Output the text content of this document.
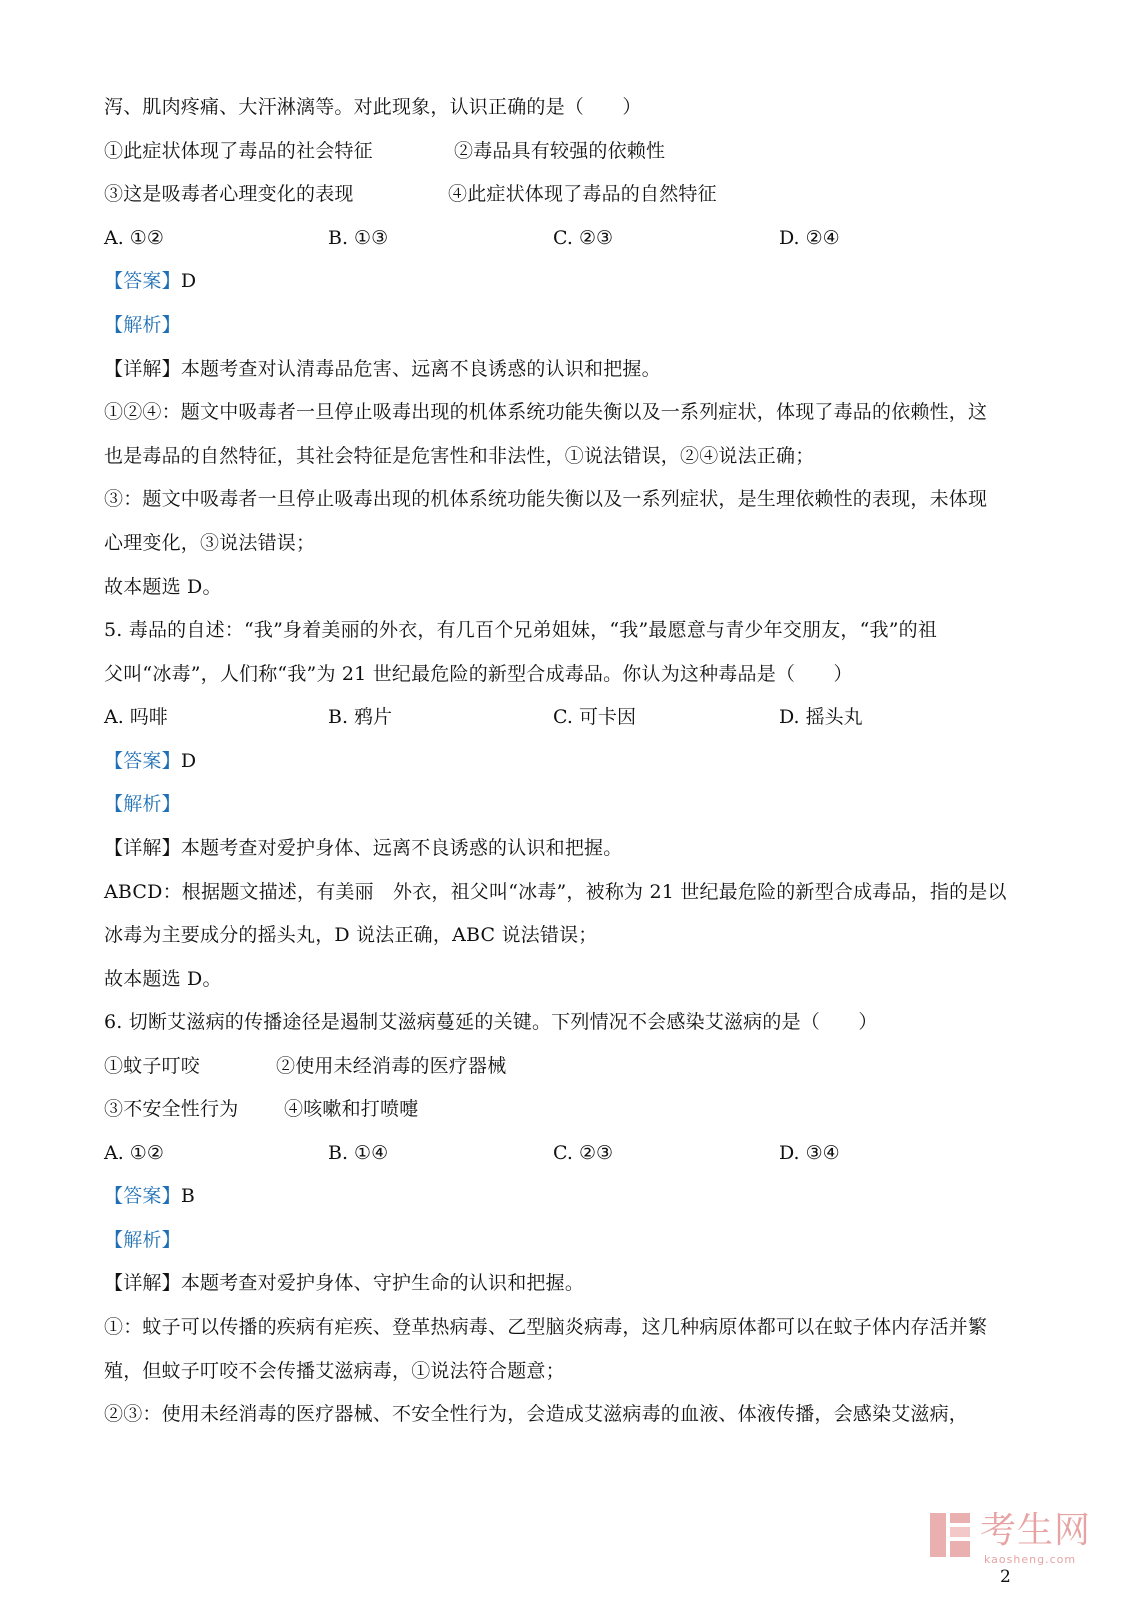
泻、肌肉疼痛、大汗淋漓等。对此现象，认识正确的是（　　）
①此症状体现了毒品的社会特征	②毒品具有较强的依赖性
③这是吸毒者心理变化的表现	④此症状体现了毒品的自然特征
A. ①②	B. ①③	C. ②③	D. ②④
【答案】D
【解析】
【详解】本题考查对认清毒品危害、远离不良诱惑的认识和把握。
①②④：题文中吸毒者一旦停止吸毒出现的机体系统功能失衡以及一系列症状，体现了毒品的依赖性，这
也是毒品的自然特征，其社会特征是危害性和非法性，①说法错误，②④说法正确；
③：题文中吸毒者一旦停止吸毒出现的机体系统功能失衡以及一系列症状，是生理依赖性的表现，未体现
心理变化，③说法错误；
故本题选 D。
5. 毒品的自述：“我”身着美丽的外衣，有几百个兄弟姐妹，“我”最愿意与青少年交朋友，“我”的祖
父叫“冰毒”，人们称“我”为 21 世纪最危险的新型合成毒品。你认为这种毒品是（　　）
A. 吗啡	B. 鸦片	C. 可卡因	D. 摇头丸
【答案】D
【解析】
【详解】本题考查对爱护身体、远离不良诱惑的认识和把握。
ABCD：根据题文描述，有美丽　外衣，祖父叫“冰毒”，被称为 21 世纪最危险的新型合成毒品，指的是以
冰毒为主要成分的摇头丸，D 说法正确，ABC 说法错误；
故本题选 D。
6. 切断艾滋病的传播途径是遏制艾滋病蔓延的关键。下列情况不会感染艾滋病的是（　　）
①蚊子叮咬	②使用未经消毒的医疗器械
③不安全性行为 ④咳嗽和打喷嚏
A. ①②	B. ①④	C. ②③	D. ③④
【答案】B
【解析】
【详解】本题考查对爱护身体、守护生命的认识和把握。
①：蚊子可以传播的疾病有疟疾、登革热病毒、乙型脑炎病毒，这几种病原体都可以在蚊子体内存活并繁
殖，但蚊子叮咬不会传播艾滋病毒，①说法符合题意；
②③：使用未经消毒的医疗器械、不安全性行为，会造成艾滋病毒的血液、体液传播，会感染艾滋病，
考生网
kaosheng.com
2
